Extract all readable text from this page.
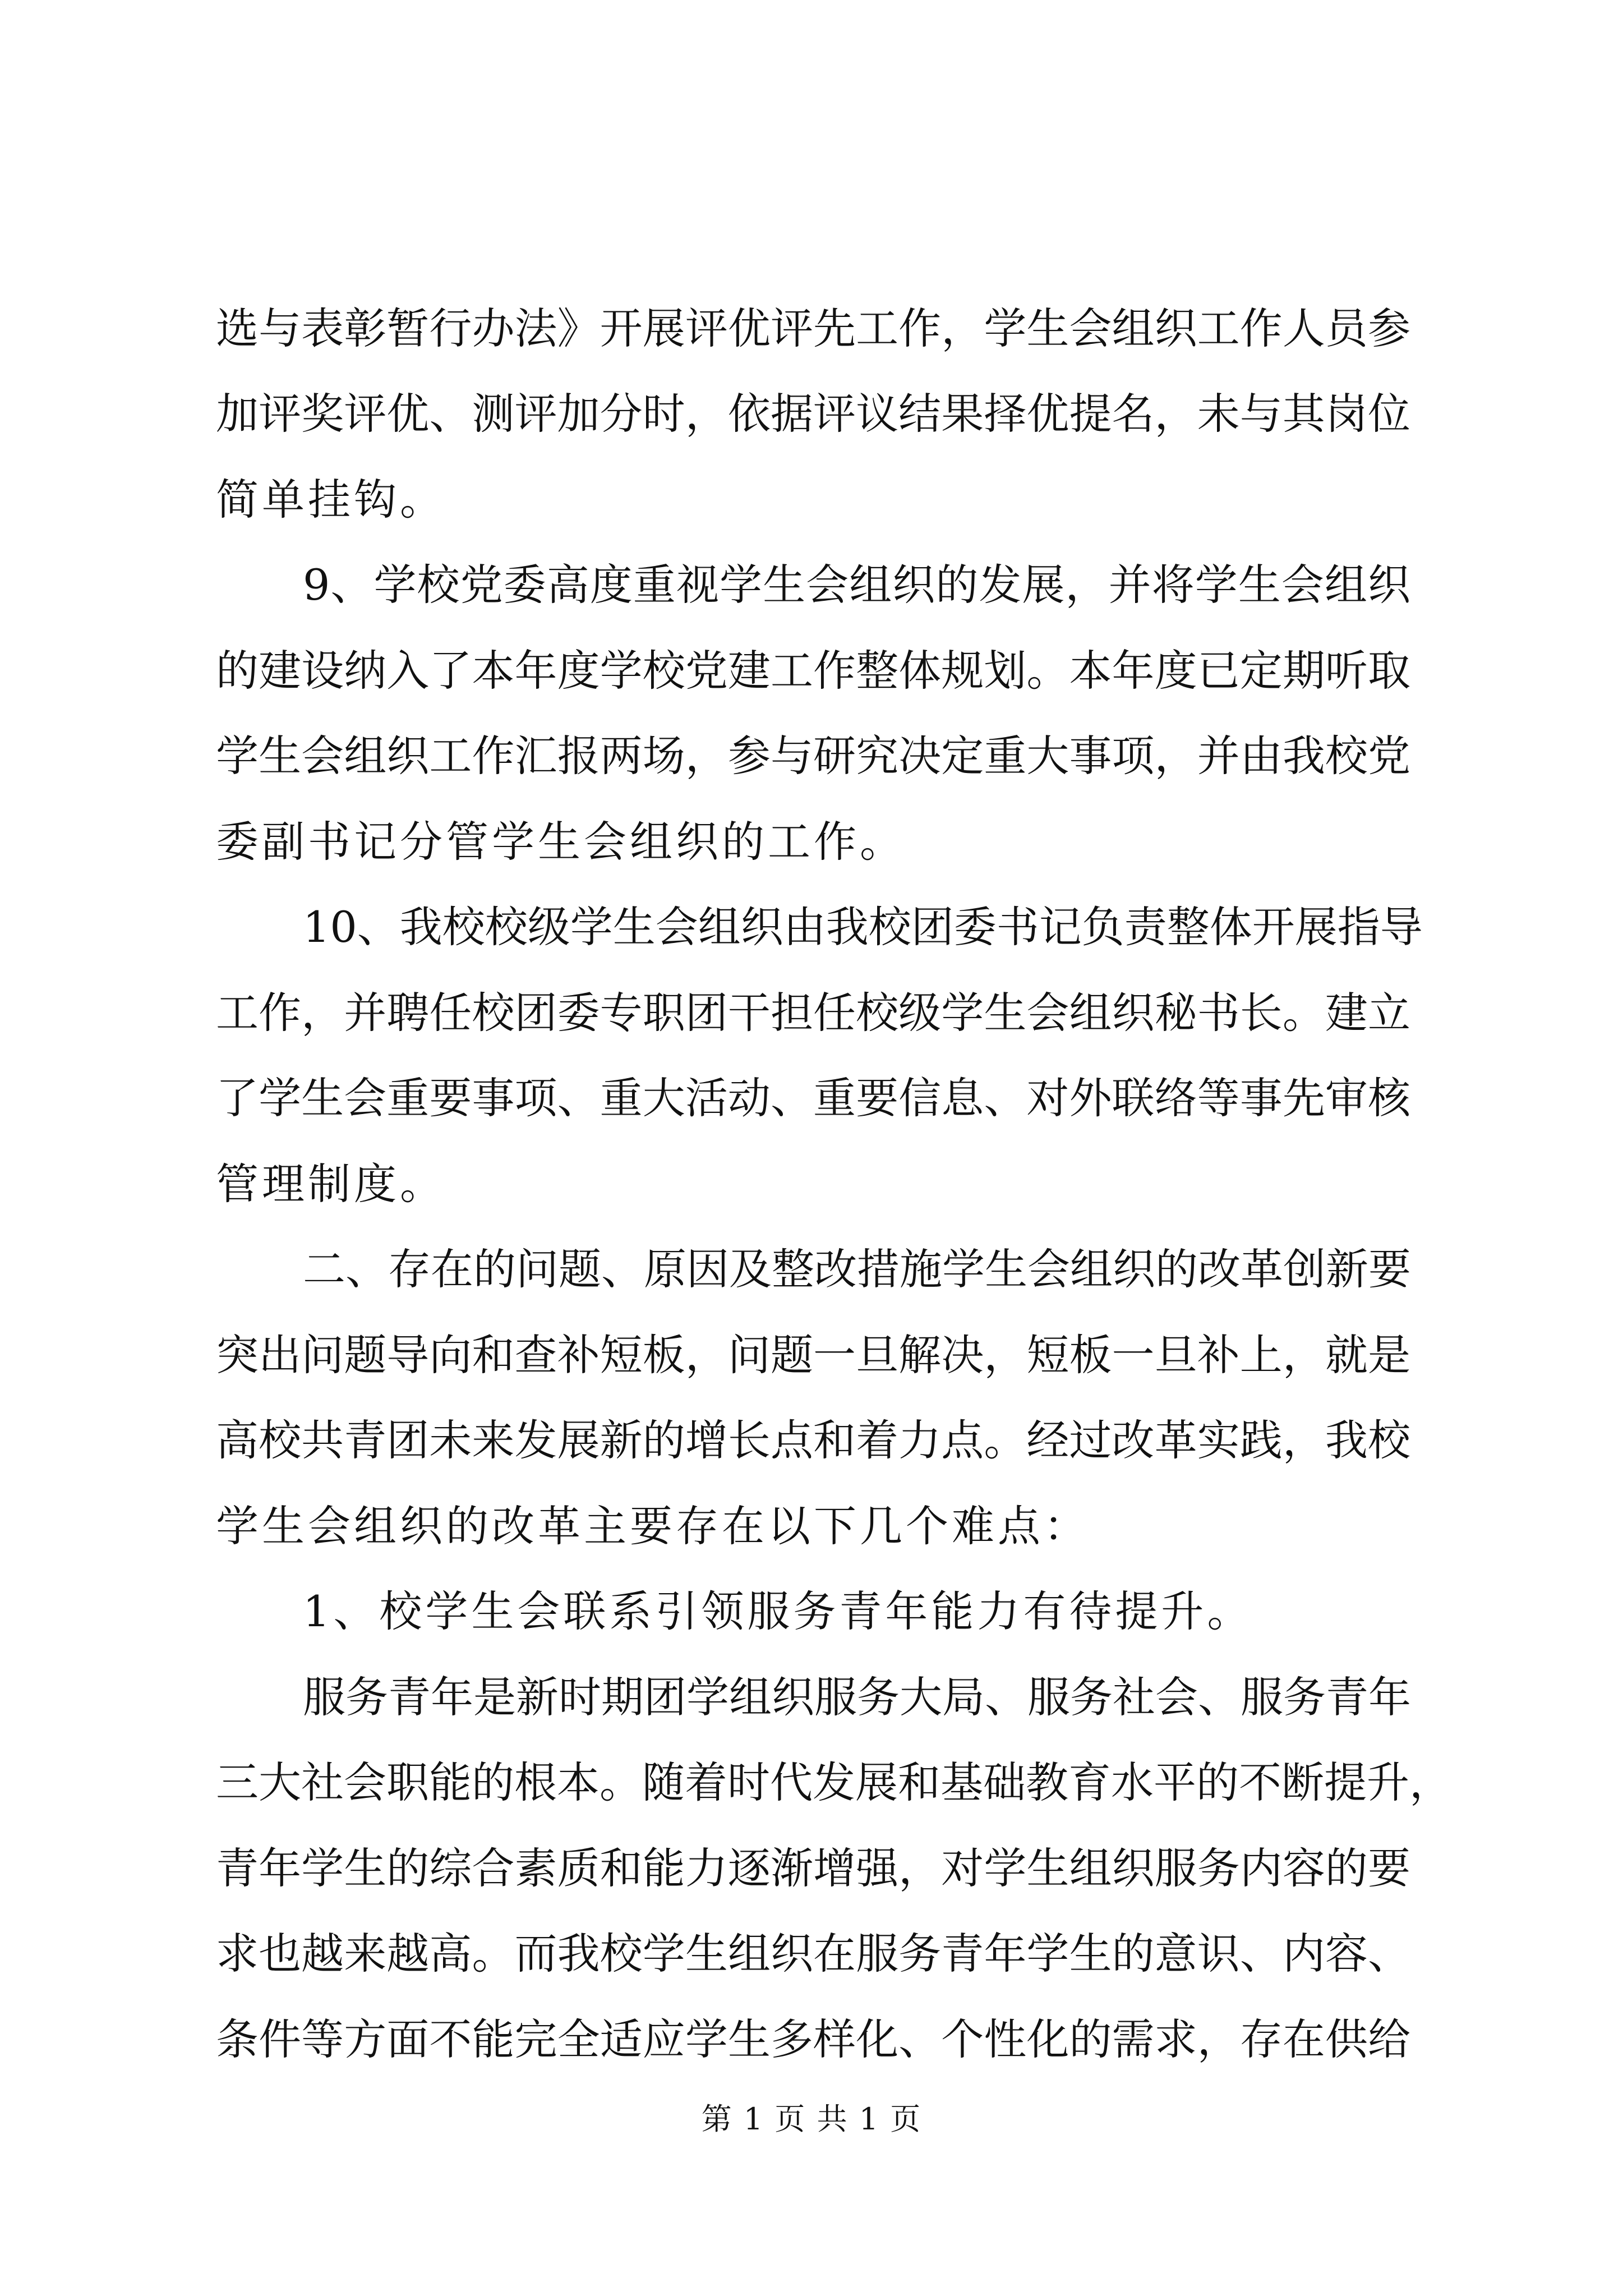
选与表彰暂行办法》开展评优评先工作，学生会组织工作人员参
加评奖评优、测评加分时，依据评议结果择优提名，未与其岗位
简单挂钩。
9、学校党委高度重视学生会组织的发展，并将学生会组织
的建设纳入了本年度学校党建工作整体规划。本年度已定期听取
学生会组织工作汇报两场，参与研究决定重大事项，并由我校党
委副书记分管学生会组织的工作。
10、我校校级学生会组织由我校团委书记负责整体开展指导
工作，并聘任校团委专职团干担任校级学生会组织秘书长。建立
了学生会重要事项、重大活动、重要信息、对外联络等事先审核
管理制度。
二、存在的问题、原因及整改措施学生会组织的改革创新要
突出问题导向和查补短板，问题一旦解决，短板一旦补上，就是
高校共青团未来发展新的增长点和着力点。经过改革实践，我校
学生会组织的改革主要存在以下几个难点：
1、校学生会联系引领服务青年能力有待提升。
服务青年是新时期团学组织服务大局、服务社会、服务青年
三大社会职能的根本。随着时代发展和基础教育水平的不断提升，
青年学生的综合素质和能力逐渐增强，对学生组织服务内容的要
求也越来越高。而我校学生组织在服务青年学生的意识、内容、
条件等方面不能完全适应学生多样化、个性化的需求，存在供给
第 1 页 共 1 页
